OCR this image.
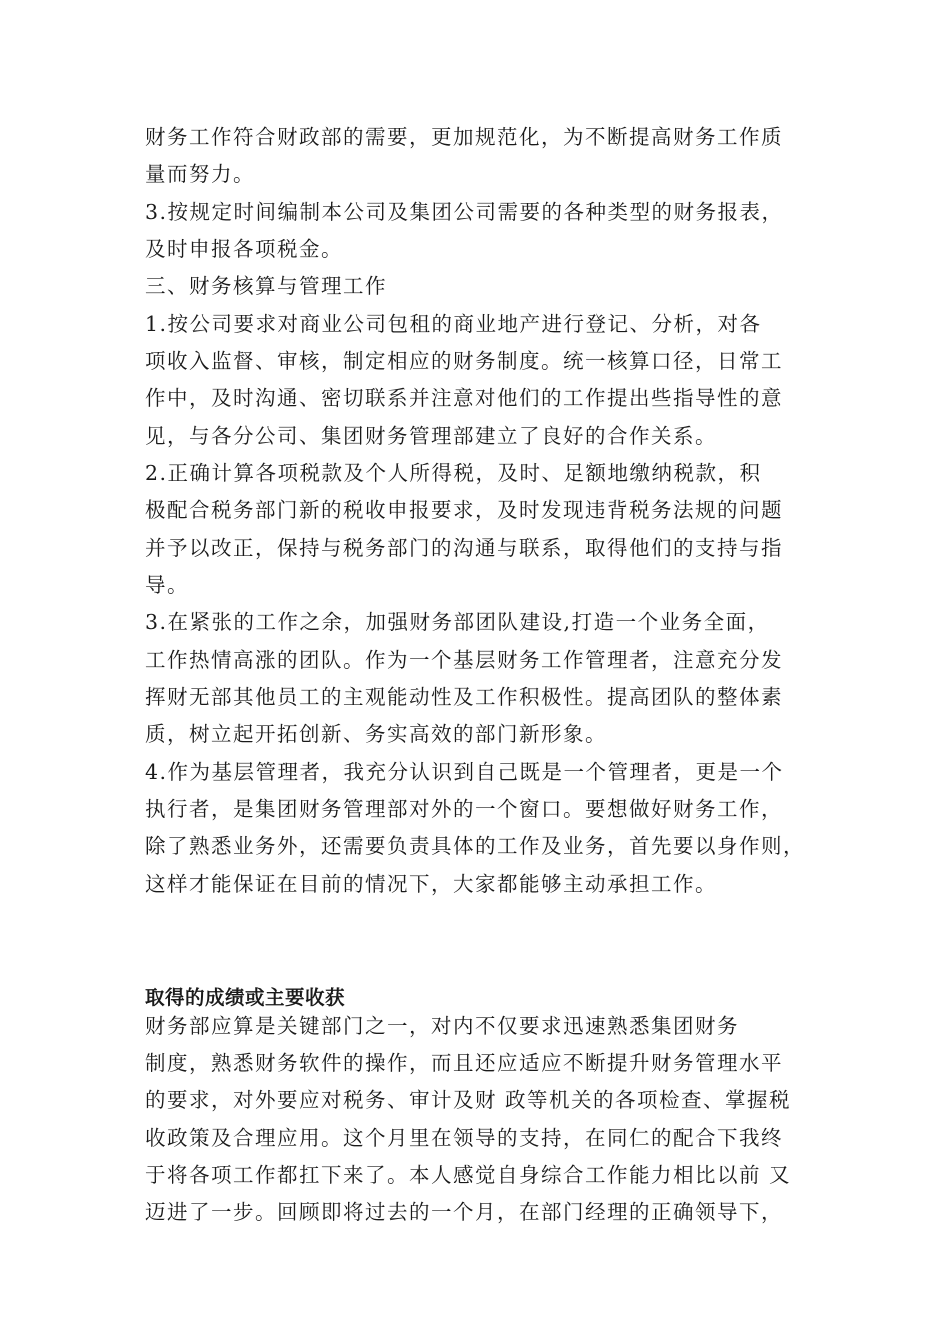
财务工作符合财政部的需要，更加规范化，为不断提高财务工作质
量而努力。
3.按规定时间编制本公司及集团公司需要的各种类型的财务报表，
及时申报各项税金。
三、财务核算与管理工作
1.按公司要求对商业公司包租的商业地产进行登记、分析，对各
项收入监督、审核，制定相应的财务制度。统一核算口径，日常工
作中，及时沟通、密切联系并注意对他们的工作提出些指导性的意
见，与各分公司、集团财务管理部建立了良好的合作关系。
2.正确计算各项税款及个人所得税，及时、足额地缴纳税款，积
极配合税务部门新的税收申报要求，及时发现违背税务法规的问题
并予以改正，保持与税务部门的沟通与联系，取得他们的支持与指
导。
3.在紧张的工作之余，加强财务部团队建设,打造一个业务全面，
工作热情高涨的团队。作为一个基层财务工作管理者，注意充分发
挥财无部其他员工的主观能动性及工作积极性。提高团队的整体素
质，树立起开拓创新、务实高效的部门新形象。
4.作为基层管理者，我充分认识到自己既是一个管理者，更是一个
执行者，是集团财务管理部对外的一个窗口。要想做好财务工作，
除了熟悉业务外，还需要负责具体的工作及业务，首先要以身作则，
这样才能保证在目前的情况下，大家都能够主动承担工作。
取得的成绩或主要收获
财务部应算是关键部门之一，对内不仅要求迅速熟悉集团财务
制度，熟悉财务软件的操作，而且还应适应不断提升财务管理水平
的要求，对外要应对税务、审计及财 政等机关的各项检查、掌握税
收政策及合理应用。这个月里在领导的支持，在同仁的配合下我终
于将各项工作都扛下来了。本人感觉自身综合工作能力相比以前 又
迈进了一步。回顾即将过去的一个月，在部门经理的正确领导下，
